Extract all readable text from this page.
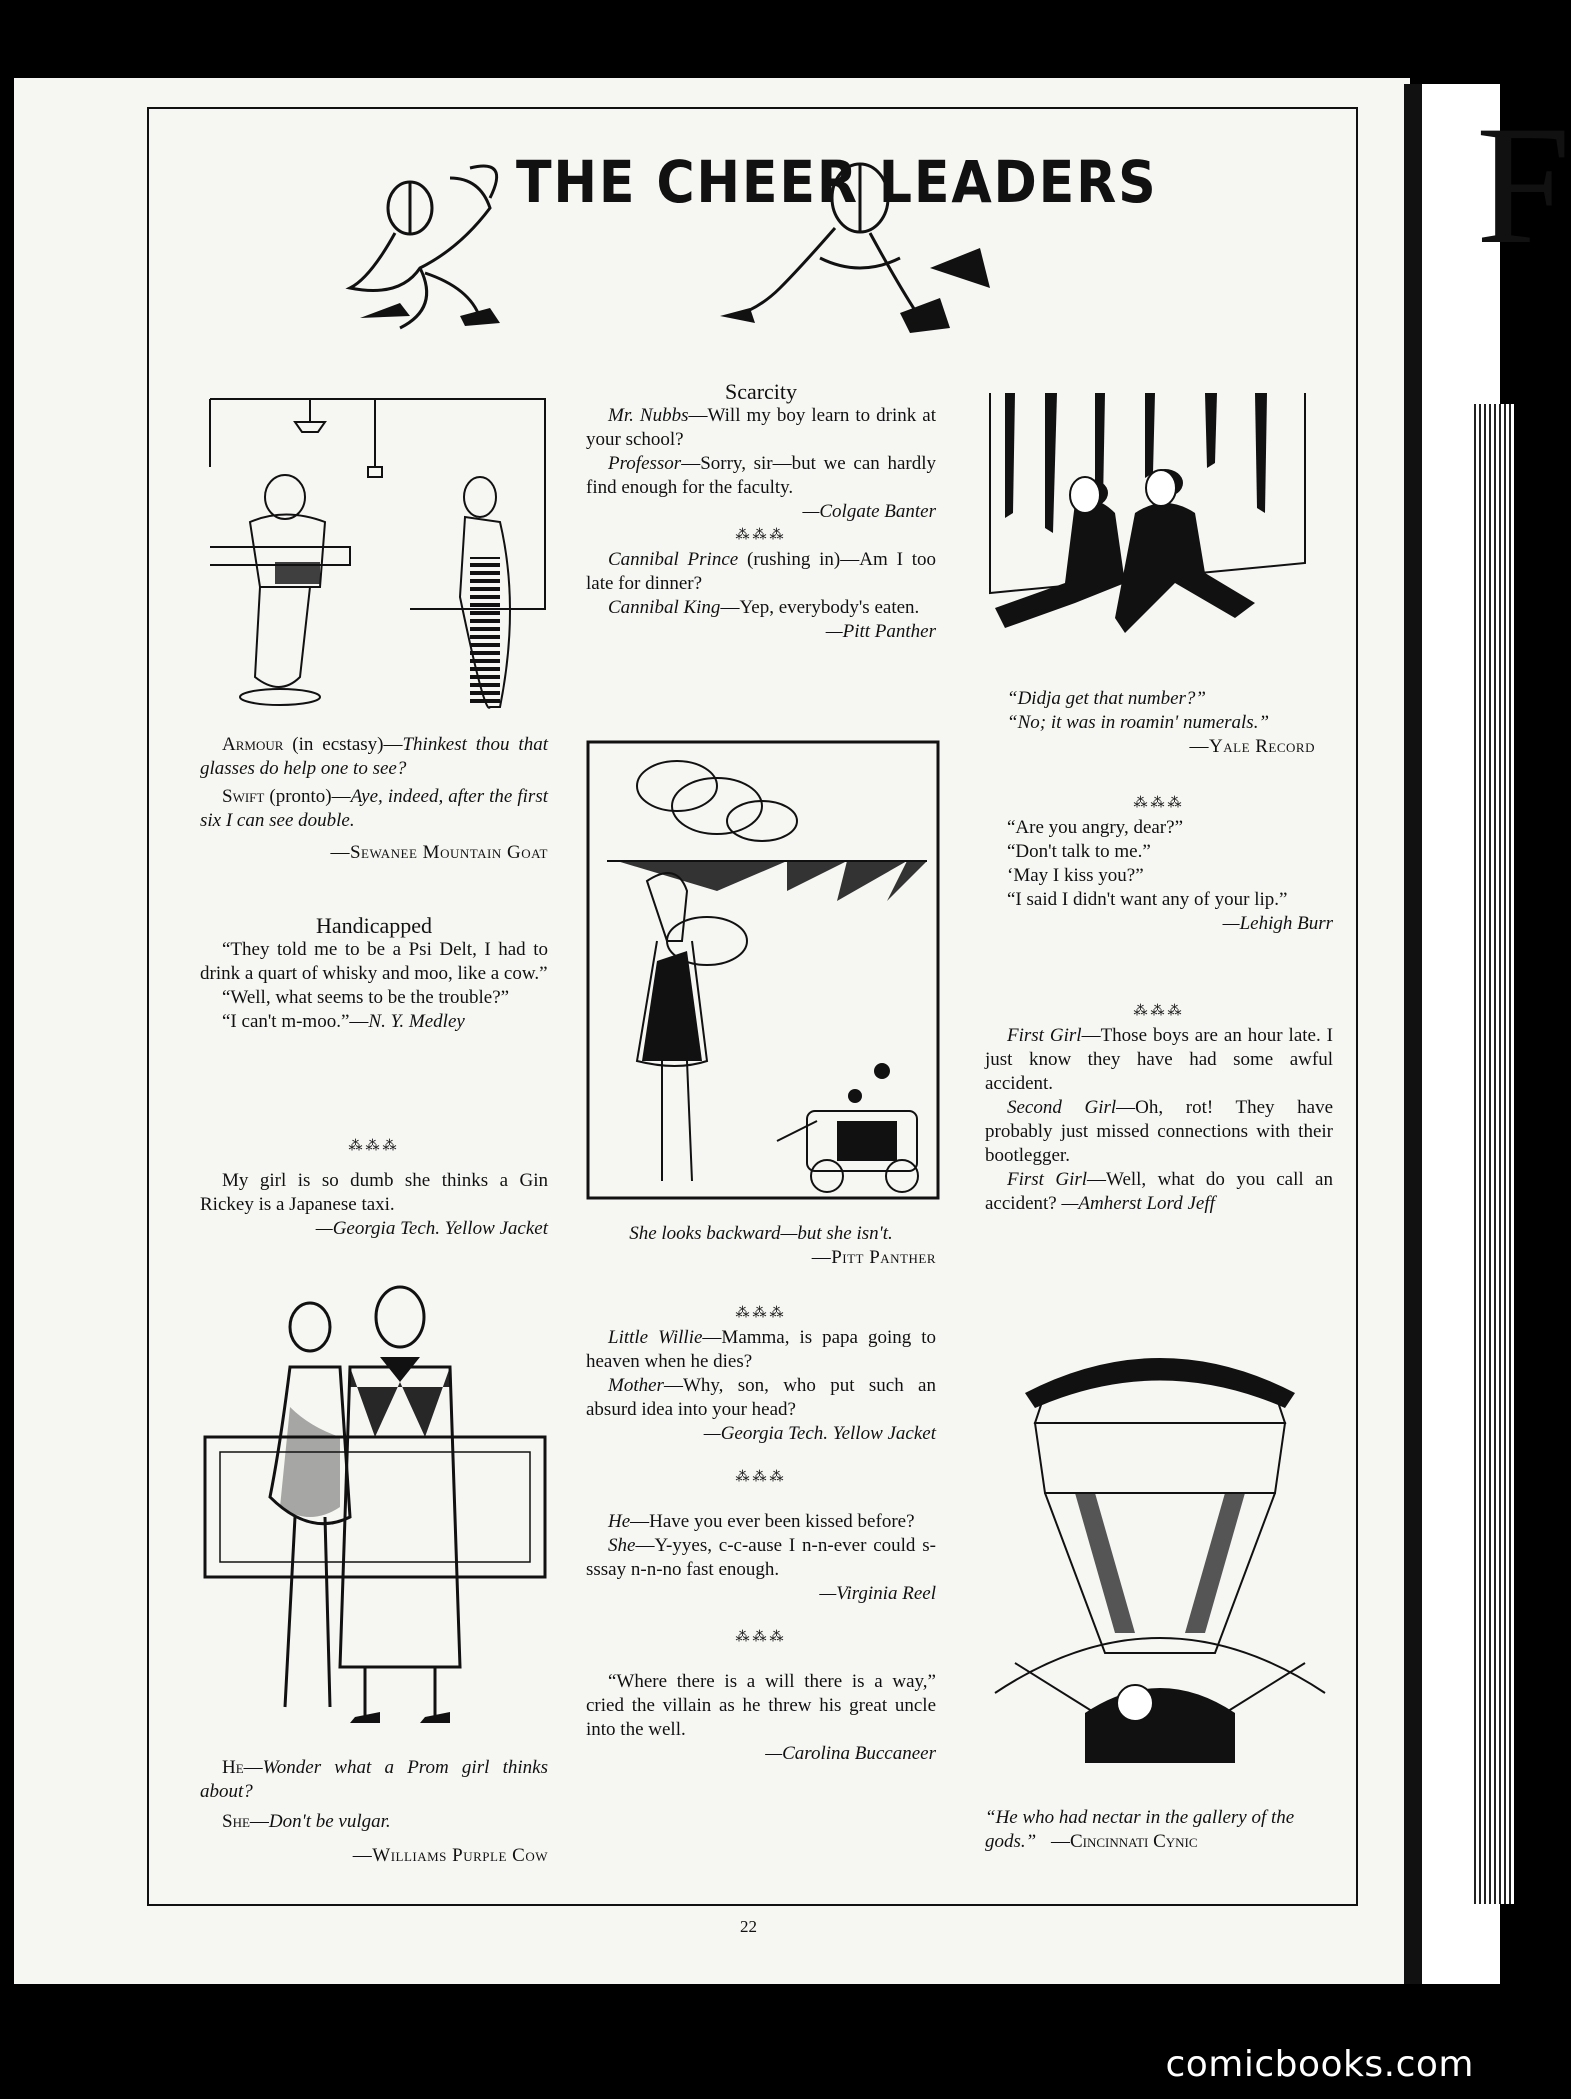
F
THE CHEER LEADERS

Armour (in ecstasy)—Thinkest thou that glasses do help one to see?

Swift (pronto)—Aye, indeed, after the first six I can see double.

—Sewanee Mountain Goat

Handicapped

“They told me to be a Psi Delt, I had to drink a quart of whisky and moo, like a cow.”

“Well, what seems to be the trouble?”

“I can't m-moo.”—N. Y. Medley

⁂⁂⁂

My girl is so dumb she thinks a Gin Rickey is a Japanese taxi.

—Georgia Tech. Yellow Jacket

He—Wonder what a Prom girl thinks about?

She—Don't be vulgar.

—Williams Purple Cow

Scarcity

Mr. Nubbs—Will my boy learn to drink at your school?

Professor—Sorry, sir—but we can hardly find enough for the faculty.

—Colgate Banter

⁂⁂⁂

Cannibal Prince (rushing in)—Am I too late for dinner?

Cannibal King—Yep, everybody's eaten.

—Pitt Panther

She looks backward—but she isn't.

—Pitt Panther

⁂⁂⁂

Little Willie—Mamma, is papa going to heaven when he dies?

Mother—Why, son, who put such an absurd idea into your head?

—Georgia Tech. Yellow Jacket

⁂⁂⁂

He—Have you ever been kissed before?

She—Y-yyes, c-c-ause I n-n-ever could s-sssay n-n-no fast enough.

—Virginia Reel

⁂⁂⁂

“Where there is a will there is a way,” cried the villain as he threw his great uncle into the well.

—Carolina Buccaneer

“Didja get that number?”

“No; it was in roamin' numerals.”

—Yale Record

⁂⁂⁂

“Are you angry, dear?”

“Don't talk to me.”

‘May I kiss you?”

“I said I didn't want any of your lip.”

—Lehigh Burr

⁂⁂⁂

First Girl—Those boys are an hour late. I just know they have had some awful accident.

Second Girl—Oh, rot! They have probably just missed connections with their bootlegger.

First Girl—Well, what do you call an accident? —Amherst Lord Jeff

“He who had nectar in the gallery of the gods.” —Cincinnati Cynic
22
comicbooks.com
